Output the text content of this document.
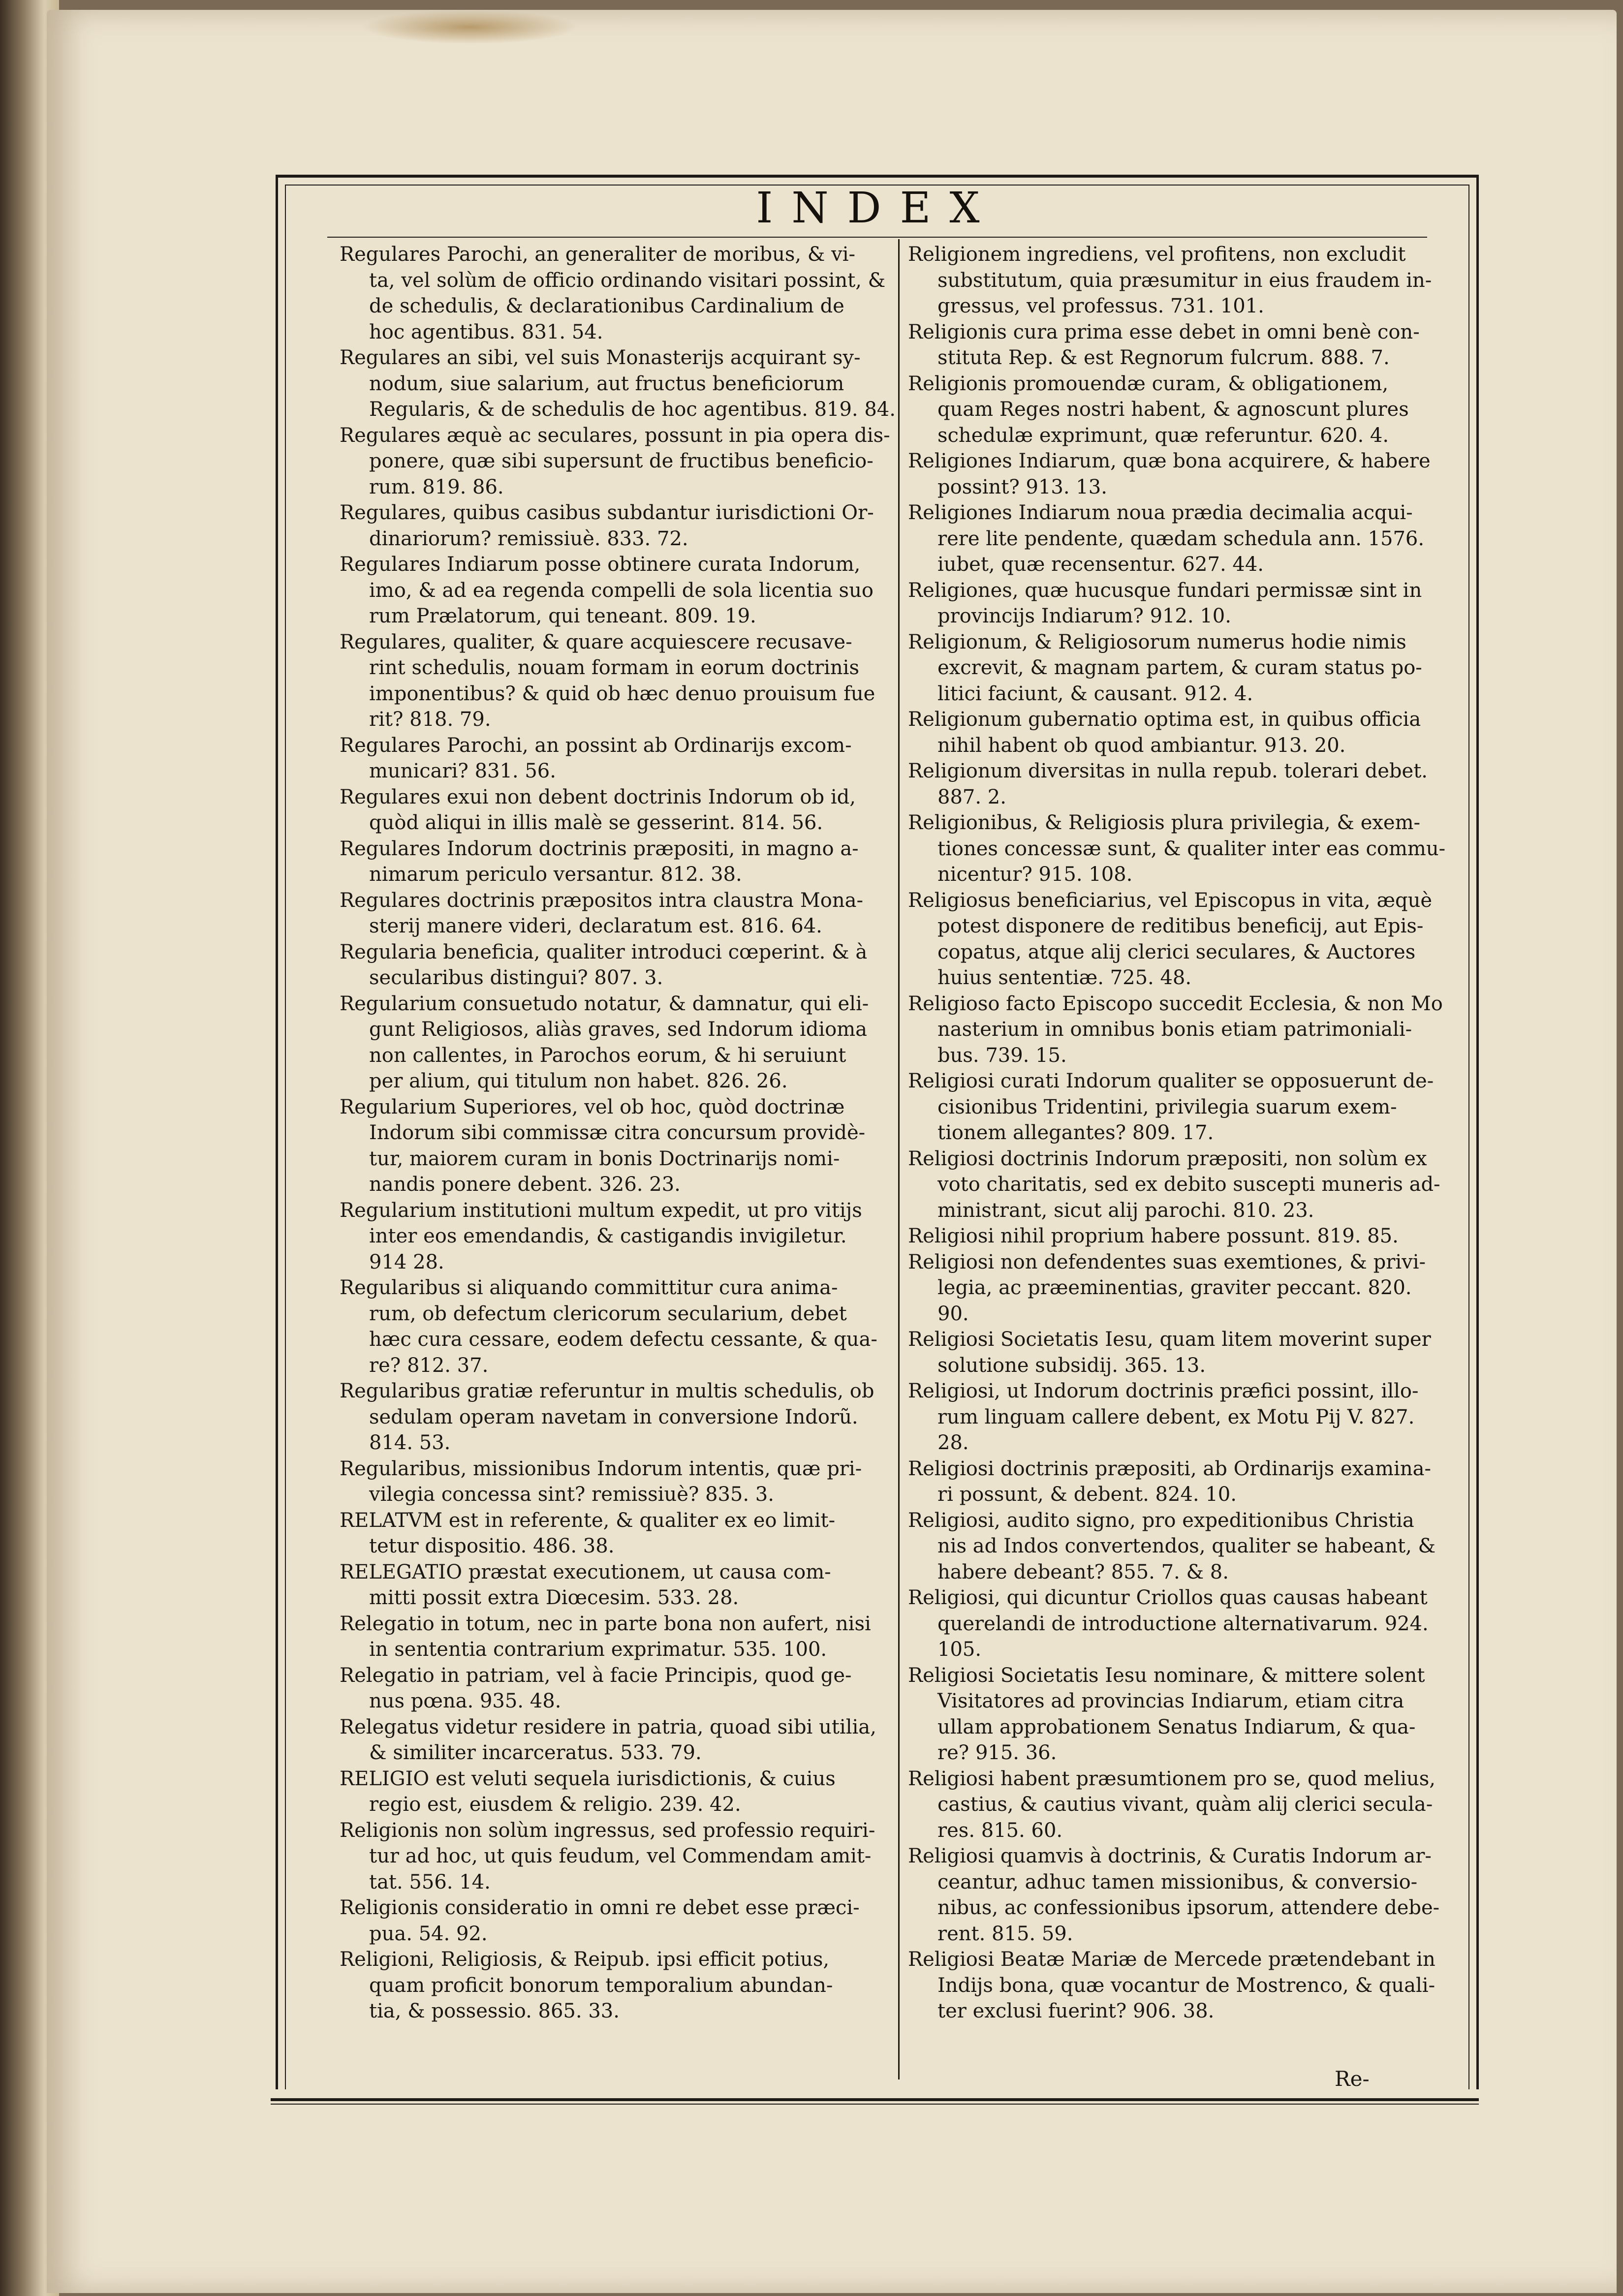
INDEX
Regulares Parochi, an generaliter de moribus, & vi-
ta, vel solùm de officio ordinando visitari possint, &
de schedulis, & declarationibus Cardinalium de
hoc agentibus. 831. 54.
Regulares an sibi, vel suis Monasterijs acquirant sy-
nodum, siue salarium, aut fructus beneficiorum
Regularis, & de schedulis de hoc agentibus. 819. 84.
Regulares æquè ac seculares, possunt in pia opera dis-
ponere, quæ sibi supersunt de fructibus beneficio-
rum. 819. 86.
Regulares, quibus casibus subdantur iurisdictioni Or-
dinariorum? remissiuè. 833. 72.
Regulares Indiarum posse obtinere curata Indorum,
imo, & ad ea regenda compelli de sola licentia suo
rum Prælatorum, qui teneant. 809. 19.
Regulares, qualiter, & quare acquiescere recusave-
rint schedulis, nouam formam in eorum doctrinis
imponentibus? & quid ob hæc denuo prouisum fue
rit? 818. 79.
Regulares Parochi, an possint ab Ordinarijs excom-
municari? 831. 56.
Regulares exui non debent doctrinis Indorum ob id,
quòd aliqui in illis malè se gesserint. 814. 56.
Regulares Indorum doctrinis præpositi, in magno a-
nimarum periculo versantur. 812. 38.
Regulares doctrinis præpositos intra claustra Mona-
sterij manere videri, declaratum est. 816. 64.
Regularia beneficia, qualiter introduci cœperint. & à
secularibus distingui? 807. 3.
Regularium consuetudo notatur, & damnatur, qui eli-
gunt Religiosos, aliàs graves, sed Indorum idioma
non callentes, in Parochos eorum, & hi seruiunt
per alium, qui titulum non habet. 826. 26.
Regularium Superiores, vel ob hoc, quòd doctrinæ
Indorum sibi commissæ citra concursum providè-
tur, maiorem curam in bonis Doctrinarijs nomi-
nandis ponere debent. 326. 23.
Regularium institutioni multum expedit, ut pro vitijs
inter eos emendandis, & castigandis invigiletur.
914 28.
Regularibus si aliquando committitur cura anima-
rum, ob defectum clericorum secularium, debet
hæc cura cessare, eodem defectu cessante, & qua-
re? 812. 37.
Regularibus gratiæ referuntur in multis schedulis, ob
sedulam operam navetam in conversione Indorũ.
814. 53.
Regularibus, missionibus Indorum intentis, quæ pri-
vilegia concessa sint? remissiuè? 835. 3.
RELATVM est in referente, & qualiter ex eo limit-
tetur dispositio. 486. 38.
RELEGATIO præstat executionem, ut causa com-
mitti possit extra Diœcesim. 533. 28.
Relegatio in totum, nec in parte bona non aufert, nisi
in sententia contrarium exprimatur. 535. 100.
Relegatio in patriam, vel à facie Principis, quod ge-
nus pœna. 935. 48.
Relegatus videtur residere in patria, quoad sibi utilia,
& similiter incarceratus. 533. 79.
RELIGIO est veluti sequela iurisdictionis, & cuius
regio est, eiusdem & religio. 239. 42.
Religionis non solùm ingressus, sed professio requiri-
tur ad hoc, ut quis feudum, vel Commendam amit-
tat. 556. 14.
Religionis consideratio in omni re debet esse præci-
pua. 54. 92.
Religioni, Religiosis, & Reipub. ipsi efficit potius,
quam proficit bonorum temporalium abundan-
tia, & possessio. 865. 33.
Religionem ingrediens, vel profitens, non excludit
substitutum, quia præsumitur in eius fraudem in-
gressus, vel professus. 731. 101.
Religionis cura prima esse debet in omni benè con-
stituta Rep. & est Regnorum fulcrum. 888. 7.
Religionis promouendæ curam, & obligationem,
quam Reges nostri habent, & agnoscunt plures
schedulæ exprimunt, quæ referuntur. 620. 4.
Religiones Indiarum, quæ bona acquirere, & habere
possint? 913. 13.
Religiones Indiarum noua prædia decimalia acqui-
rere lite pendente, quædam schedula ann. 1576.
iubet, quæ recensentur. 627. 44.
Religiones, quæ hucusque fundari permissæ sint in
provincijs Indiarum? 912. 10.
Religionum, & Religiosorum numerus hodie nimis
excrevit, & magnam partem, & curam status po-
litici faciunt, & causant. 912. 4.
Religionum gubernatio optima est, in quibus officia
nihil habent ob quod ambiantur. 913. 20.
Religionum diversitas in nulla repub. tolerari debet.
887. 2.
Religionibus, & Religiosis plura privilegia, & exem-
tiones concessæ sunt, & qualiter inter eas commu-
nicentur? 915. 108.
Religiosus beneficiarius, vel Episcopus in vita, æquè
potest disponere de reditibus beneficij, aut Epis-
copatus, atque alij clerici seculares, & Auctores
huius sententiæ. 725. 48.
Religioso facto Episcopo succedit Ecclesia, & non Mo
nasterium in omnibus bonis etiam patrimoniali-
bus. 739. 15.
Religiosi curati Indorum qualiter se opposuerunt de-
cisionibus Tridentini, privilegia suarum exem-
tionem allegantes? 809. 17.
Religiosi doctrinis Indorum præpositi, non solùm ex
voto charitatis, sed ex debito suscepti muneris ad-
ministrant, sicut alij parochi. 810. 23.
Religiosi nihil proprium habere possunt. 819. 85.
Religiosi non defendentes suas exemtiones, & privi-
legia, ac præeminentias, graviter peccant. 820.
90.
Religiosi Societatis Iesu, quam litem moverint super
solutione subsidij. 365. 13.
Religiosi, ut Indorum doctrinis præfici possint, illo-
rum linguam callere debent, ex Motu Pij V. 827.
28.
Religiosi doctrinis præpositi, ab Ordinarijs examina-
ri possunt, & debent. 824. 10.
Religiosi, audito signo, pro expeditionibus Christia
nis ad Indos convertendos, qualiter se habeant, &
habere debeant? 855. 7. & 8.
Religiosi, qui dicuntur Criollos quas causas habeant
querelandi de introductione alternativarum. 924.
105.
Religiosi Societatis Iesu nominare, & mittere solent
Visitatores ad provincias Indiarum, etiam citra
ullam approbationem Senatus Indiarum, & qua-
re? 915. 36.
Religiosi habent præsumtionem pro se, quod melius,
castius, & cautius vivant, quàm alij clerici secula-
res. 815. 60.
Religiosi quamvis à doctrinis, & Curatis Indorum ar-
ceantur, adhuc tamen missionibus, & conversio-
nibus, ac confessionibus ipsorum, attendere debe-
rent. 815. 59.
Religiosi Beatæ Mariæ de Mercede prætendebant in
Indijs bona, quæ vocantur de Mostrenco, & quali-
ter exclusi fuerint? 906. 38.
Re-
